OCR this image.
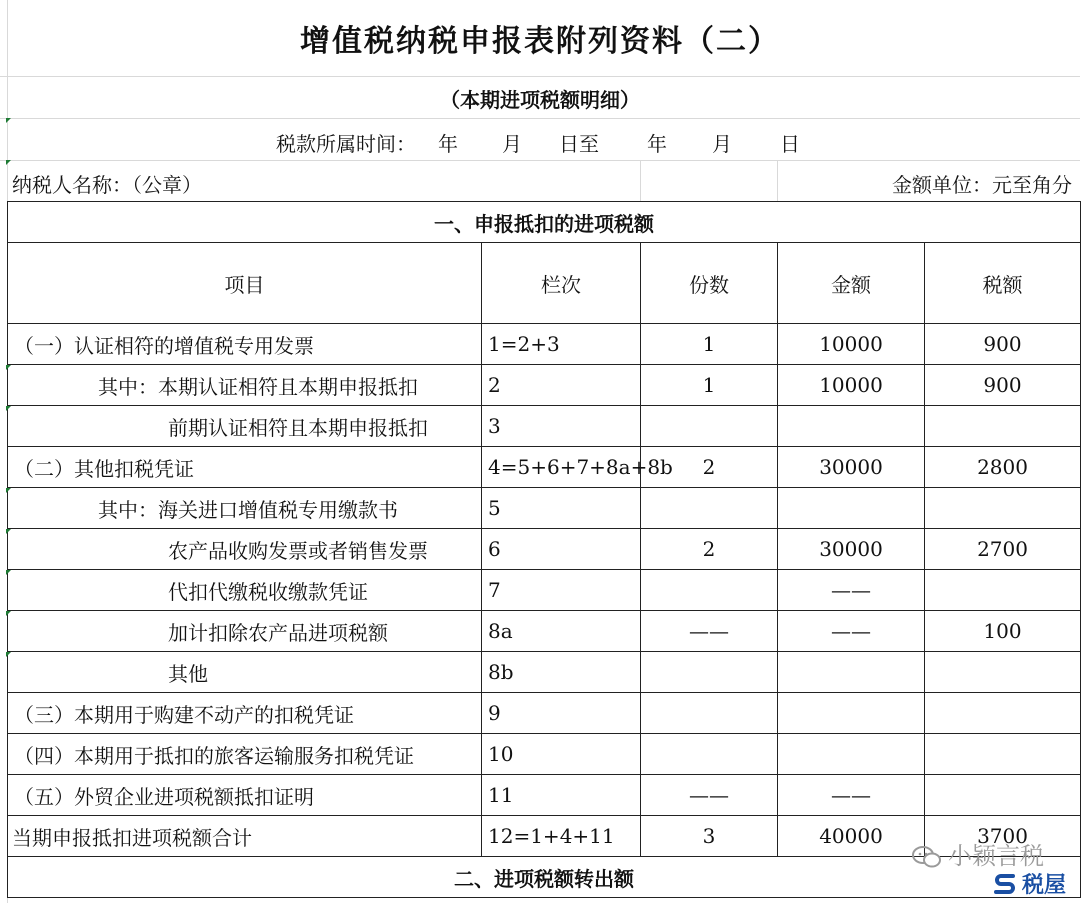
增值税纳税申报表附列资料（二）
（本期进项税额明细）
税款所属时间： 年 月 日至 年 月 日
纳税人名称：（公章）	金额单位：元至角分
一、申报抵扣的进项税额				
项目	栏次	份数	金额	税额
（一）认证相符的增值税专用发票	1=2+3	1	10000	900
其中：本期认证相符且本期申报抵扣	2	1	10000	900
前期认证相符且本期申报抵扣	3			
（二）其他扣税凭证	4=5+6+7+8a+8b	2	30000	2800
其中：海关进口增值税专用缴款书	5			
农产品收购发票或者销售发票	6	2	30000	2700
代扣代缴税收缴款凭证	7		——	
加计扣除农产品进项税额	8a	——	——	100
其他	8b			
（三）本期用于购建不动产的扣税凭证	9			
（四）本期用于抵扣的旅客运输服务扣税凭证	10			
（五）外贸企业进项税额抵扣证明	11	——	——	
当期申报抵扣进项税额合计	12=1+4+11	3	40000	3700
二、进项税额转出额				
小颖言税
税屋
